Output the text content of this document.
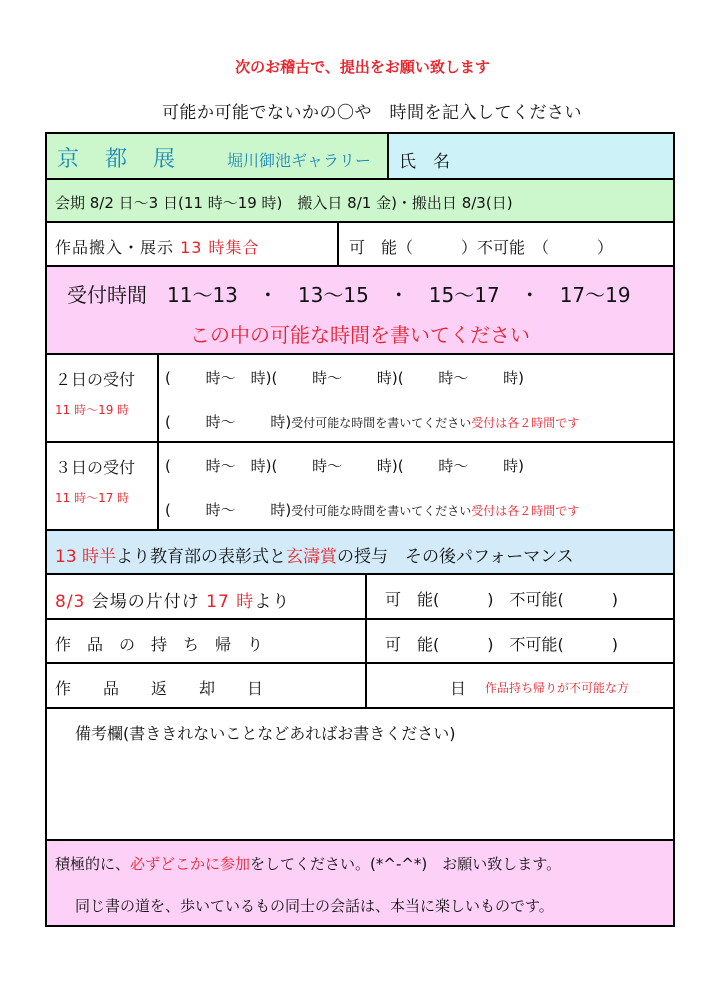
次のお稽古で、提出をお願い致します
可能か可能でないかの〇や　時間を記入してください
京　都　展	堀川御池ギャラリー 氏　名
会期 8/2 日〜3 日(11 時〜19 時)　搬入日 8/1 金)・搬出日 8/3(日)
作品搬入・展示 13 時集合	可　能（　　　）不可能　（　　　）
受付時間　11〜13　・　13〜15　・　15〜17　・　17〜19
この中の可能な時間を書いてください
２日の受付
11 時〜19 時
(　　 時〜　時)(　　 時〜　　 時)(　　 時〜　　 時)
(　　 時〜　　 時)受付可能な時間を書いてください受付は各２時間です
３日の受付
11 時〜17 時
(　　 時〜　時)(　　 時〜　　 時)(　　 時〜　　 時)
(　　 時〜　　 時)受付可能な時間を書いてください受付は各２時間です
13 時半より教育部の表彰式と玄濤賞の授与　その後パフォーマンス
8/3 会場の片付け 17 時より	可　能(　　　)　不可能(　　　)
作　品　の　持　ち　帰　り	可　能(　　　)　不可能(　　　)
作　　品　　返　　却　　日	日 作品持ち帰りが不可能な方
備考欄(書ききれないことなどあればお書きください)
積極的に、必ずどこかに参加をしてください。(*^-^*)　お願い致します。
同じ書の道を、歩いているもの同士の会話は、本当に楽しいものです。
